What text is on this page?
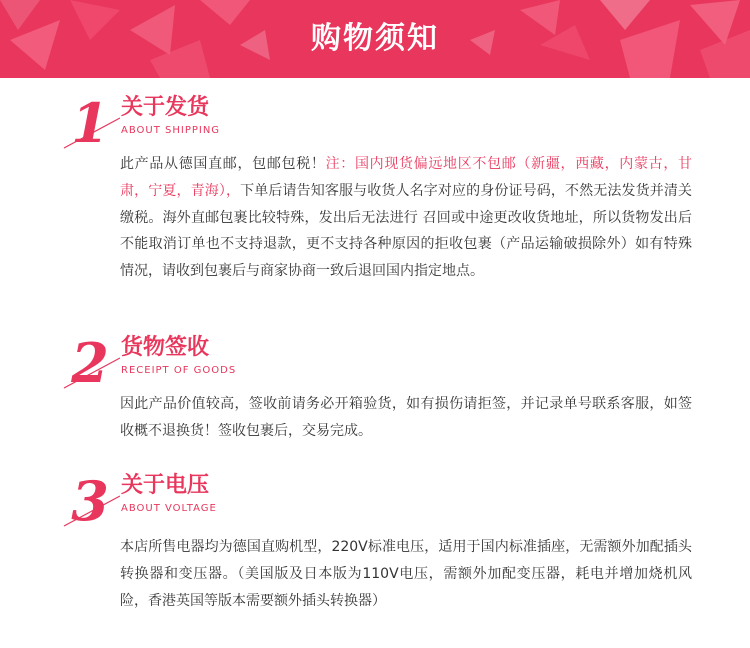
购物须知
1 关于发货
ABOUT SHIPPING
此产品从德国直邮，包邮包税！注：国内现货偏远地区不包邮（新疆，西藏，内蒙古，甘肃，宁夏，青海），下单后请告知客服与收货人名字对应的身份证号码，不然无法发货并清关缴税。海外直邮包裹比较特殊，发出后无法进行 召回或中途更改收货地址，所以货物发出后不能取消订单也不支持退款，更不支持各种原因的拒收包裹（产品运输破损除外）如有特殊情况，请收到包裹后与商家协商一致后退回国内指定地点。
2 货物签收
RECEIPT OF GOODS
因此产品价值较高，签收前请务必开箱验货，如有损伤请拒签，并记录单号联系客服，如签收概不退换货！签收包裹后，交易完成。
3 关于电压
ABOUT VOLTAGE
本店所售电器均为德国直购机型，220V标准电压，适用于国内标准插座，无需额外加配插头转换器和变压器。（美国版及日本版为110V电压，需额外加配变压器，耗电并增加烧机风险，香港英国等版本需要额外插头转换器）
